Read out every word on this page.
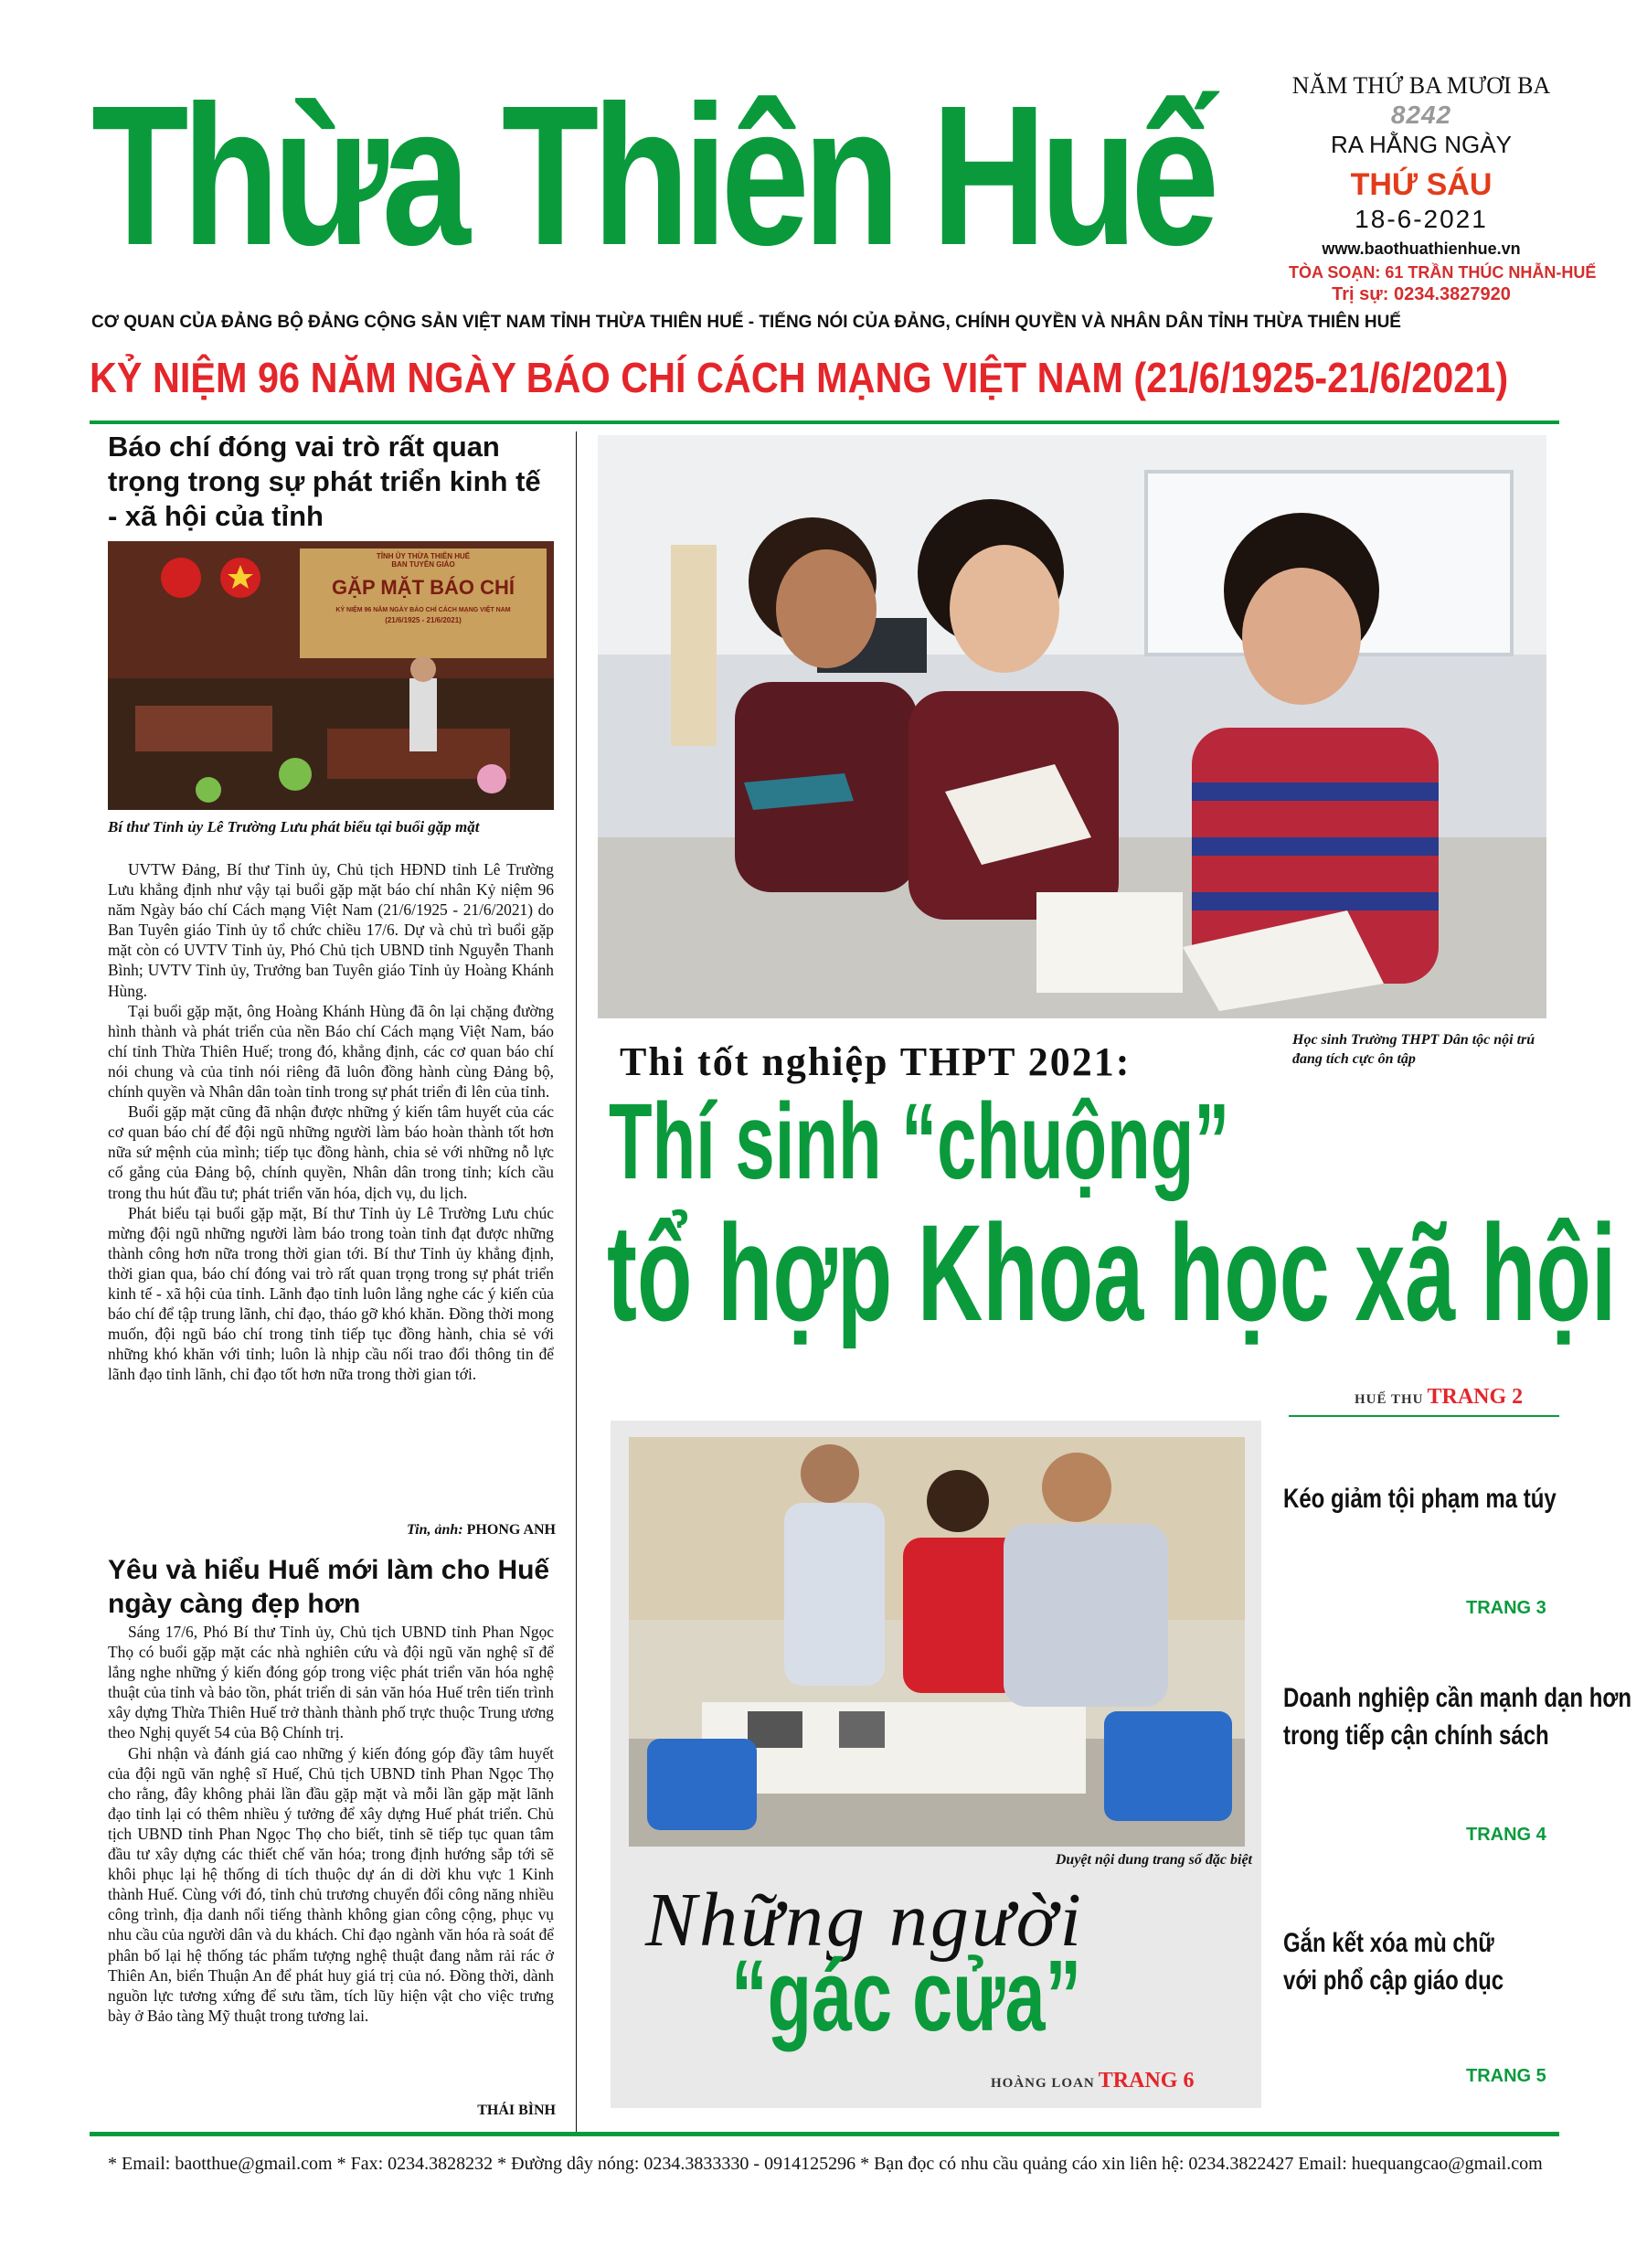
Thừa Thiên Huế	NĂM THỨ BA MƯƠI BA
8242
RA HẰNG NGÀY
THỨ SÁU
18-6-2021
www.baothuathienhue.vn
TÒA SOẠN: 61 TRẦN THÚC NHẪN-HUẾ
Trị sự: 0234.3827920
CƠ QUAN CỦA ĐẢNG BỘ ĐẢNG CỘNG SẢN VIỆT NAM TỈNH THỪA THIÊN HUẾ - TIẾNG NÓI CỦA ĐẢNG, CHÍNH QUYỀN VÀ NHÂN DÂN TỈNH THỪA THIÊN HUẾ
KỶ NIỆM 96 NĂM NGÀY BÁO CHÍ CÁCH MẠNG VIỆT NAM (21/6/1925-21/6/2021)
Báo chí đóng vai trò rất quan trọng trong sự phát triển kinh tế - xã hội của tỉnh
TỈNH ỦY THỪA THIÊN HUẾ
BAN TUYÊN GIÁO
GẶP MẶT BÁO CHÍ
KỶ NIỆM 96 NĂM NGÀY BÁO CHÍ CÁCH MẠNG VIỆT NAM
(21/6/1925 - 21/6/2021)
Bí thư Tỉnh ủy Lê Trường Lưu phát biểu tại buổi gặp mặt

UVTW Đảng, Bí thư Tỉnh ủy, Chủ tịch HĐND tỉnh Lê Trường Lưu khẳng định như vậy tại buổi gặp mặt báo chí nhân Kỷ niệm 96 năm Ngày báo chí Cách mạng Việt Nam (21/6/1925 - 21/6/2021) do Ban Tuyên giáo Tỉnh ủy tổ chức chiều 17/6. Dự và chủ trì buổi gặp mặt còn có UVTV Tỉnh ủy, Phó Chủ tịch UBND tỉnh Nguyễn Thanh Bình; UVTV Tỉnh ủy, Trưởng ban Tuyên giáo Tỉnh ủy Hoàng Khánh Hùng.

Tại buổi gặp mặt, ông Hoàng Khánh Hùng đã ôn lại chặng đường hình thành và phát triển của nền Báo chí Cách mạng Việt Nam, báo chí tỉnh Thừa Thiên Huế; trong đó, khẳng định, các cơ quan báo chí nói chung và của tỉnh nói riêng đã luôn đồng hành cùng Đảng bộ, chính quyền và Nhân dân toàn tỉnh trong sự phát triển đi lên của tỉnh.

Buổi gặp mặt cũng đã nhận được những ý kiến tâm huyết của các cơ quan báo chí để đội ngũ những người làm báo hoàn thành tốt hơn nữa sứ mệnh của mình; tiếp tục đồng hành, chia sẻ với những nỗ lực cố gắng của Đảng bộ, chính quyền, Nhân dân trong tỉnh; kích cầu trong thu hút đầu tư; phát triển văn hóa, dịch vụ, du lịch.

Phát biểu tại buổi gặp mặt, Bí thư Tỉnh ủy Lê Trường Lưu chúc mừng đội ngũ những người làm báo trong toàn tỉnh đạt được những thành công hơn nữa trong thời gian tới. Bí thư Tỉnh ủy khẳng định, thời gian qua, báo chí đóng vai trò rất quan trọng trong sự phát triển kinh tế - xã hội của tỉnh. Lãnh đạo tỉnh luôn lắng nghe các ý kiến của báo chí để tập trung lãnh, chỉ đạo, tháo gỡ khó khăn. Đồng thời mong muốn, đội ngũ báo chí trong tỉnh tiếp tục đồng hành, chia sẻ với những khó khăn với tỉnh; luôn là nhịp cầu nối trao đổi thông tin để lãnh đạo tỉnh lãnh, chỉ đạo tốt hơn nữa trong thời gian tới.

Tin, ảnh: PHONG ANH
Yêu và hiểu Huế mới làm cho Huế ngày càng đẹp hơn

Sáng 17/6, Phó Bí thư Tỉnh ủy, Chủ tịch UBND tỉnh Phan Ngọc Thọ có buổi gặp mặt các nhà nghiên cứu và đội ngũ văn nghệ sĩ để lắng nghe những ý kiến đóng góp trong việc phát triển văn hóa nghệ thuật của tỉnh và bảo tồn, phát triển di sản văn hóa Huế trên tiến trình xây dựng Thừa Thiên Huế trở thành thành phố trực thuộc Trung ương theo Nghị quyết 54 của Bộ Chính trị.

Ghi nhận và đánh giá cao những ý kiến đóng góp đầy tâm huyết của đội ngũ văn nghệ sĩ Huế, Chủ tịch UBND tỉnh Phan Ngọc Thọ cho rằng, đây không phải lần đầu gặp mặt và mỗi lần gặp mặt lãnh đạo tỉnh lại có thêm nhiều ý tưởng để xây dựng Huế phát triển. Chủ tịch UBND tỉnh Phan Ngọc Thọ cho biết, tỉnh sẽ tiếp tục quan tâm đầu tư xây dựng các thiết chế văn hóa; trong định hướng sắp tới sẽ khôi phục lại hệ thống di tích thuộc dự án di dời khu vực 1 Kinh thành Huế. Cùng với đó, tỉnh chủ trương chuyển đổi công năng nhiều công trình, địa danh nổi tiếng thành không gian công cộng, phục vụ nhu cầu của người dân và du khách. Chỉ đạo ngành văn hóa rà soát để phân bố lại hệ thống tác phẩm tượng nghệ thuật đang nằm rải rác ở Thiên An, biển Thuận An để phát huy giá trị của nó. Đồng thời, dành nguồn lực tương xứng để sưu tầm, tích lũy hiện vật cho việc trưng bày ở Bảo tàng Mỹ thuật trong tương lai.

THÁI BÌNH
Học sinh Trường THPT Dân tộc nội trú đang tích cực ôn tập
Thi tốt nghiệp THPT 2021:
Thí sinh “chuộng”
tổ hợp Khoa học xã hội
HUẾ THU TRANG 2
Duyệt nội dung trang số đặc biệt
Những người
“gác cửa”
HOÀNG LOAN TRANG 6
Kéo giảm tội phạm ma túy
TRANG 3
Doanh nghiệp cần mạnh dạn hơn
trong tiếp cận chính sách
TRANG 4
Gắn kết xóa mù chữ
với phổ cập giáo dục
TRANG 5
* Email: baotthue@gmail.com * Fax: 0234.3828232 * Đường dây nóng: 0234.3833330 - 0914125296 * Bạn đọc có nhu cầu quảng cáo xin liên hệ: 0234.3822427 Email: huequangcao@gmail.com
